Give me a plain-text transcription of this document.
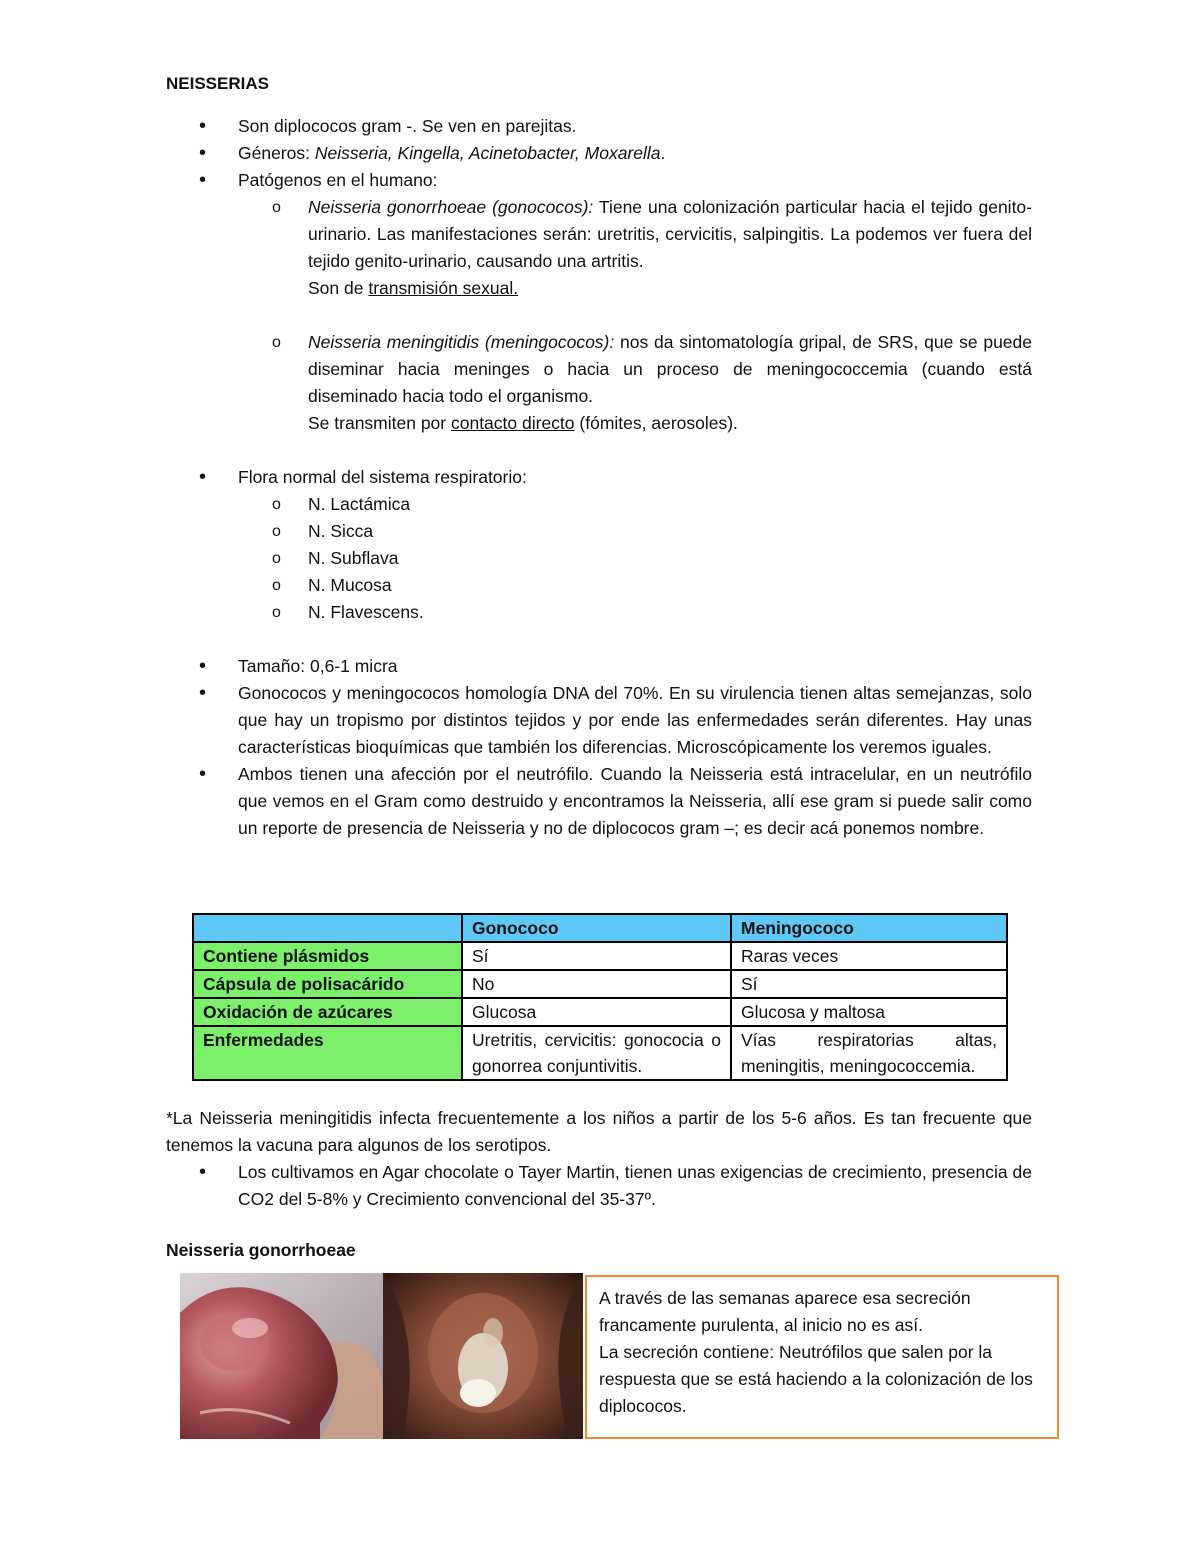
NEISSERIAS
• Son diplococos gram -. Se ven en parejitas.
• Géneros: Neisseria, Kingella, Acinetobacter, Moxarella.
• Patógenos en el humano:
o Neisseria gonorrhoeae (gonococos): Tiene una colonización particular hacia el tejido genito-urinario. Las manifestaciones serán: uretritis, cervicitis, salpingitis. La podemos ver fuera del tejido genito-urinario, causando una artritis.
Son de transmisión sexual.
o Neisseria meningitidis (meningococos): nos da sintomatología gripal, de SRS, que se puede diseminar hacia meninges o hacia un proceso de meningococcemia (cuando está diseminado hacia todo el organismo.
Se transmiten por contacto directo (fómites, aerosoles).
• Flora normal del sistema respiratorio:
o N. Lactámica
o N. Sicca
o N. Subflava
o N. Mucosa
o N. Flavescens.
• Tamaño: 0,6-1 micra
• Gonococos y meningococos homología DNA del 70%. En su virulencia tienen altas semejanzas, solo que hay un tropismo por distintos tejidos y por ende las enfermedades serán diferentes. Hay unas características bioquímicas que también los diferencias. Microscópicamente los veremos iguales.
• Ambos tienen una afección por el neutrófilo. Cuando la Neisseria está intracelular, en un neutrófilo que vemos en el Gram como destruido y encontramos la Neisseria, allí ese gram si puede salir como un reporte de presencia de Neisseria y no de diplococos gram –; es decir acá ponemos nombre.
	Gonococo	Meningococo
Contiene plásmidos	Sí	Raras veces
Cápsula de polisacárido	No	Sí
Oxidación de azúcares	Glucosa	Glucosa y maltosa
Enfermedades	Uretritis, cervicitis: gonococia o gonorrea conjuntivitis.	Vías respiratorias altas, meningitis, meningococcemia.
*La Neisseria meningitidis infecta frecuentemente a los niños a partir de los 5-6 años. Es tan frecuente que tenemos la vacuna para algunos de los serotipos.
• Los cultivamos en Agar chocolate o Tayer Martin, tienen unas exigencias de crecimiento, presencia de CO2 del 5-8% y Crecimiento convencional del 35-37º.
Neisseria gonorrhoeae
A través de las semanas aparece esa secreción francamente purulenta, al inicio no es así.
La secreción contiene: Neutrófilos que salen por la respuesta que se está haciendo a la colonización de los diplococos.
